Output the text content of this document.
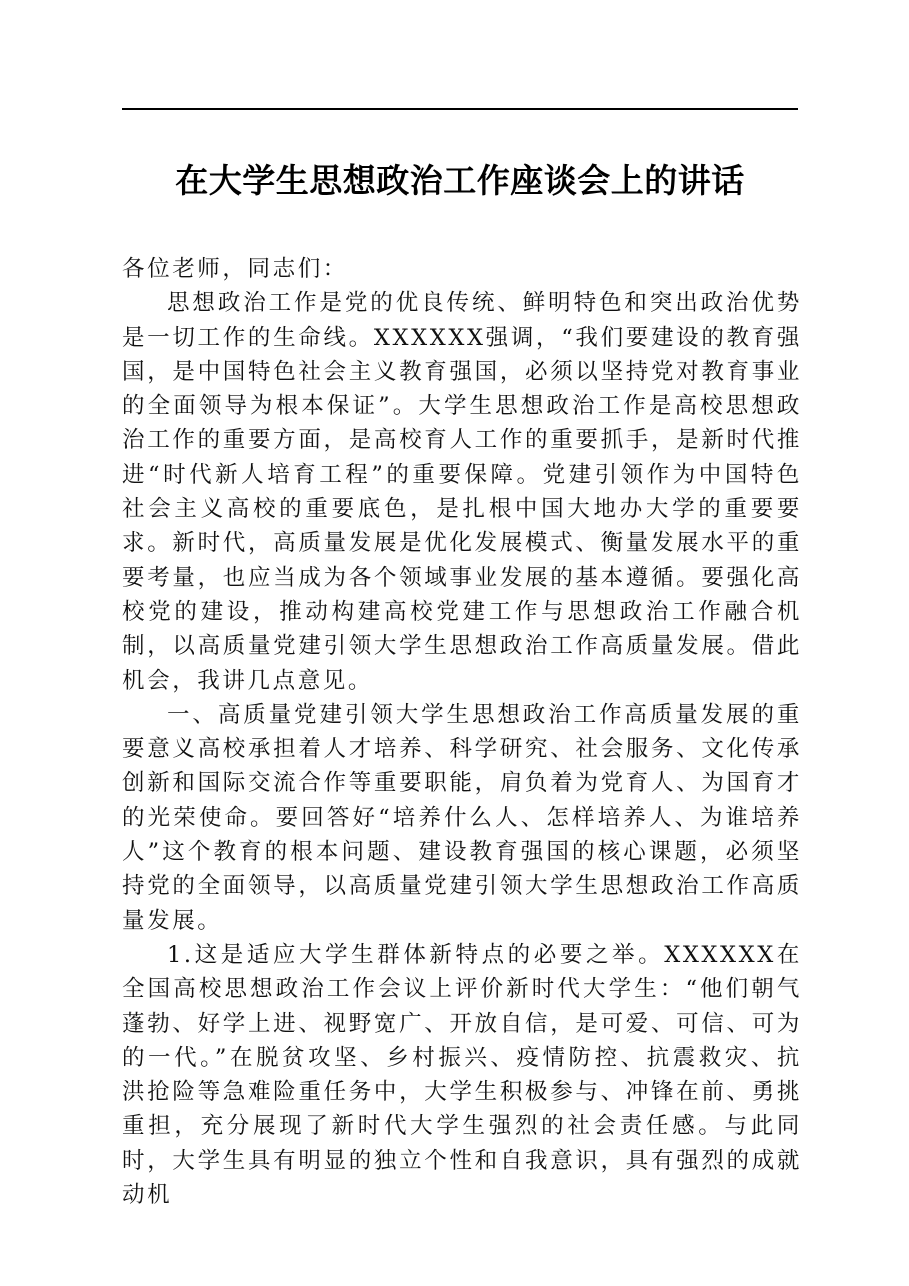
在大学生思想政治工作座谈会上的讲话

各位老师，同志们：

思想政治工作是党的优良传统、鲜明特色和突出政治优势是一切工作的生命线。XXXXXX强调，“我们要建设的教育强国，是中国特色社会主义教育强国，必须以坚持党对教育事业的全面领导为根本保证”。大学生思想政治工作是高校思想政治工作的重要方面，是高校育人工作的重要抓手，是新时代推进“时代新人培育工程”的重要保障。党建引领作为中国特色社会主义高校的重要底色，是扎根中国大地办大学的重要要求。新时代，高质量发展是优化发展模式、衡量发展水平的重要考量，也应当成为各个领域事业发展的基本遵循。要强化高校党的建设，推动构建高校党建工作与思想政治工作融合机制，以高质量党建引领大学生思想政治工作高质量发展。借此机会，我讲几点意见。

一、高质量党建引领大学生思想政治工作高质量发展的重要意义高校承担着人才培养、科学研究、社会服务、文化传承创新和国际交流合作等重要职能，肩负着为党育人、为国育才的光荣使命。要回答好“培养什么人、怎样培养人、为谁培养人”这个教育的根本问题、建设教育强国的核心课题，必须坚持党的全面领导，以高质量党建引领大学生思想政治工作高质量发展。

1.这是适应大学生群体新特点的必要之举。XXXXXX在全国高校思想政治工作会议上评价新时代大学生：“他们朝气蓬勃、好学上进、视野宽广、开放自信，是可爱、可信、可为的一代。”在脱贫攻坚、乡村振兴、疫情防控、抗震救灾、抗洪抢险等急难险重任务中，大学生积极参与、冲锋在前、勇挑重担，充分展现了新时代大学生强烈的社会责任感。与此同时，大学生具有明显的独立个性和自我意识，具有强烈的成就动机
